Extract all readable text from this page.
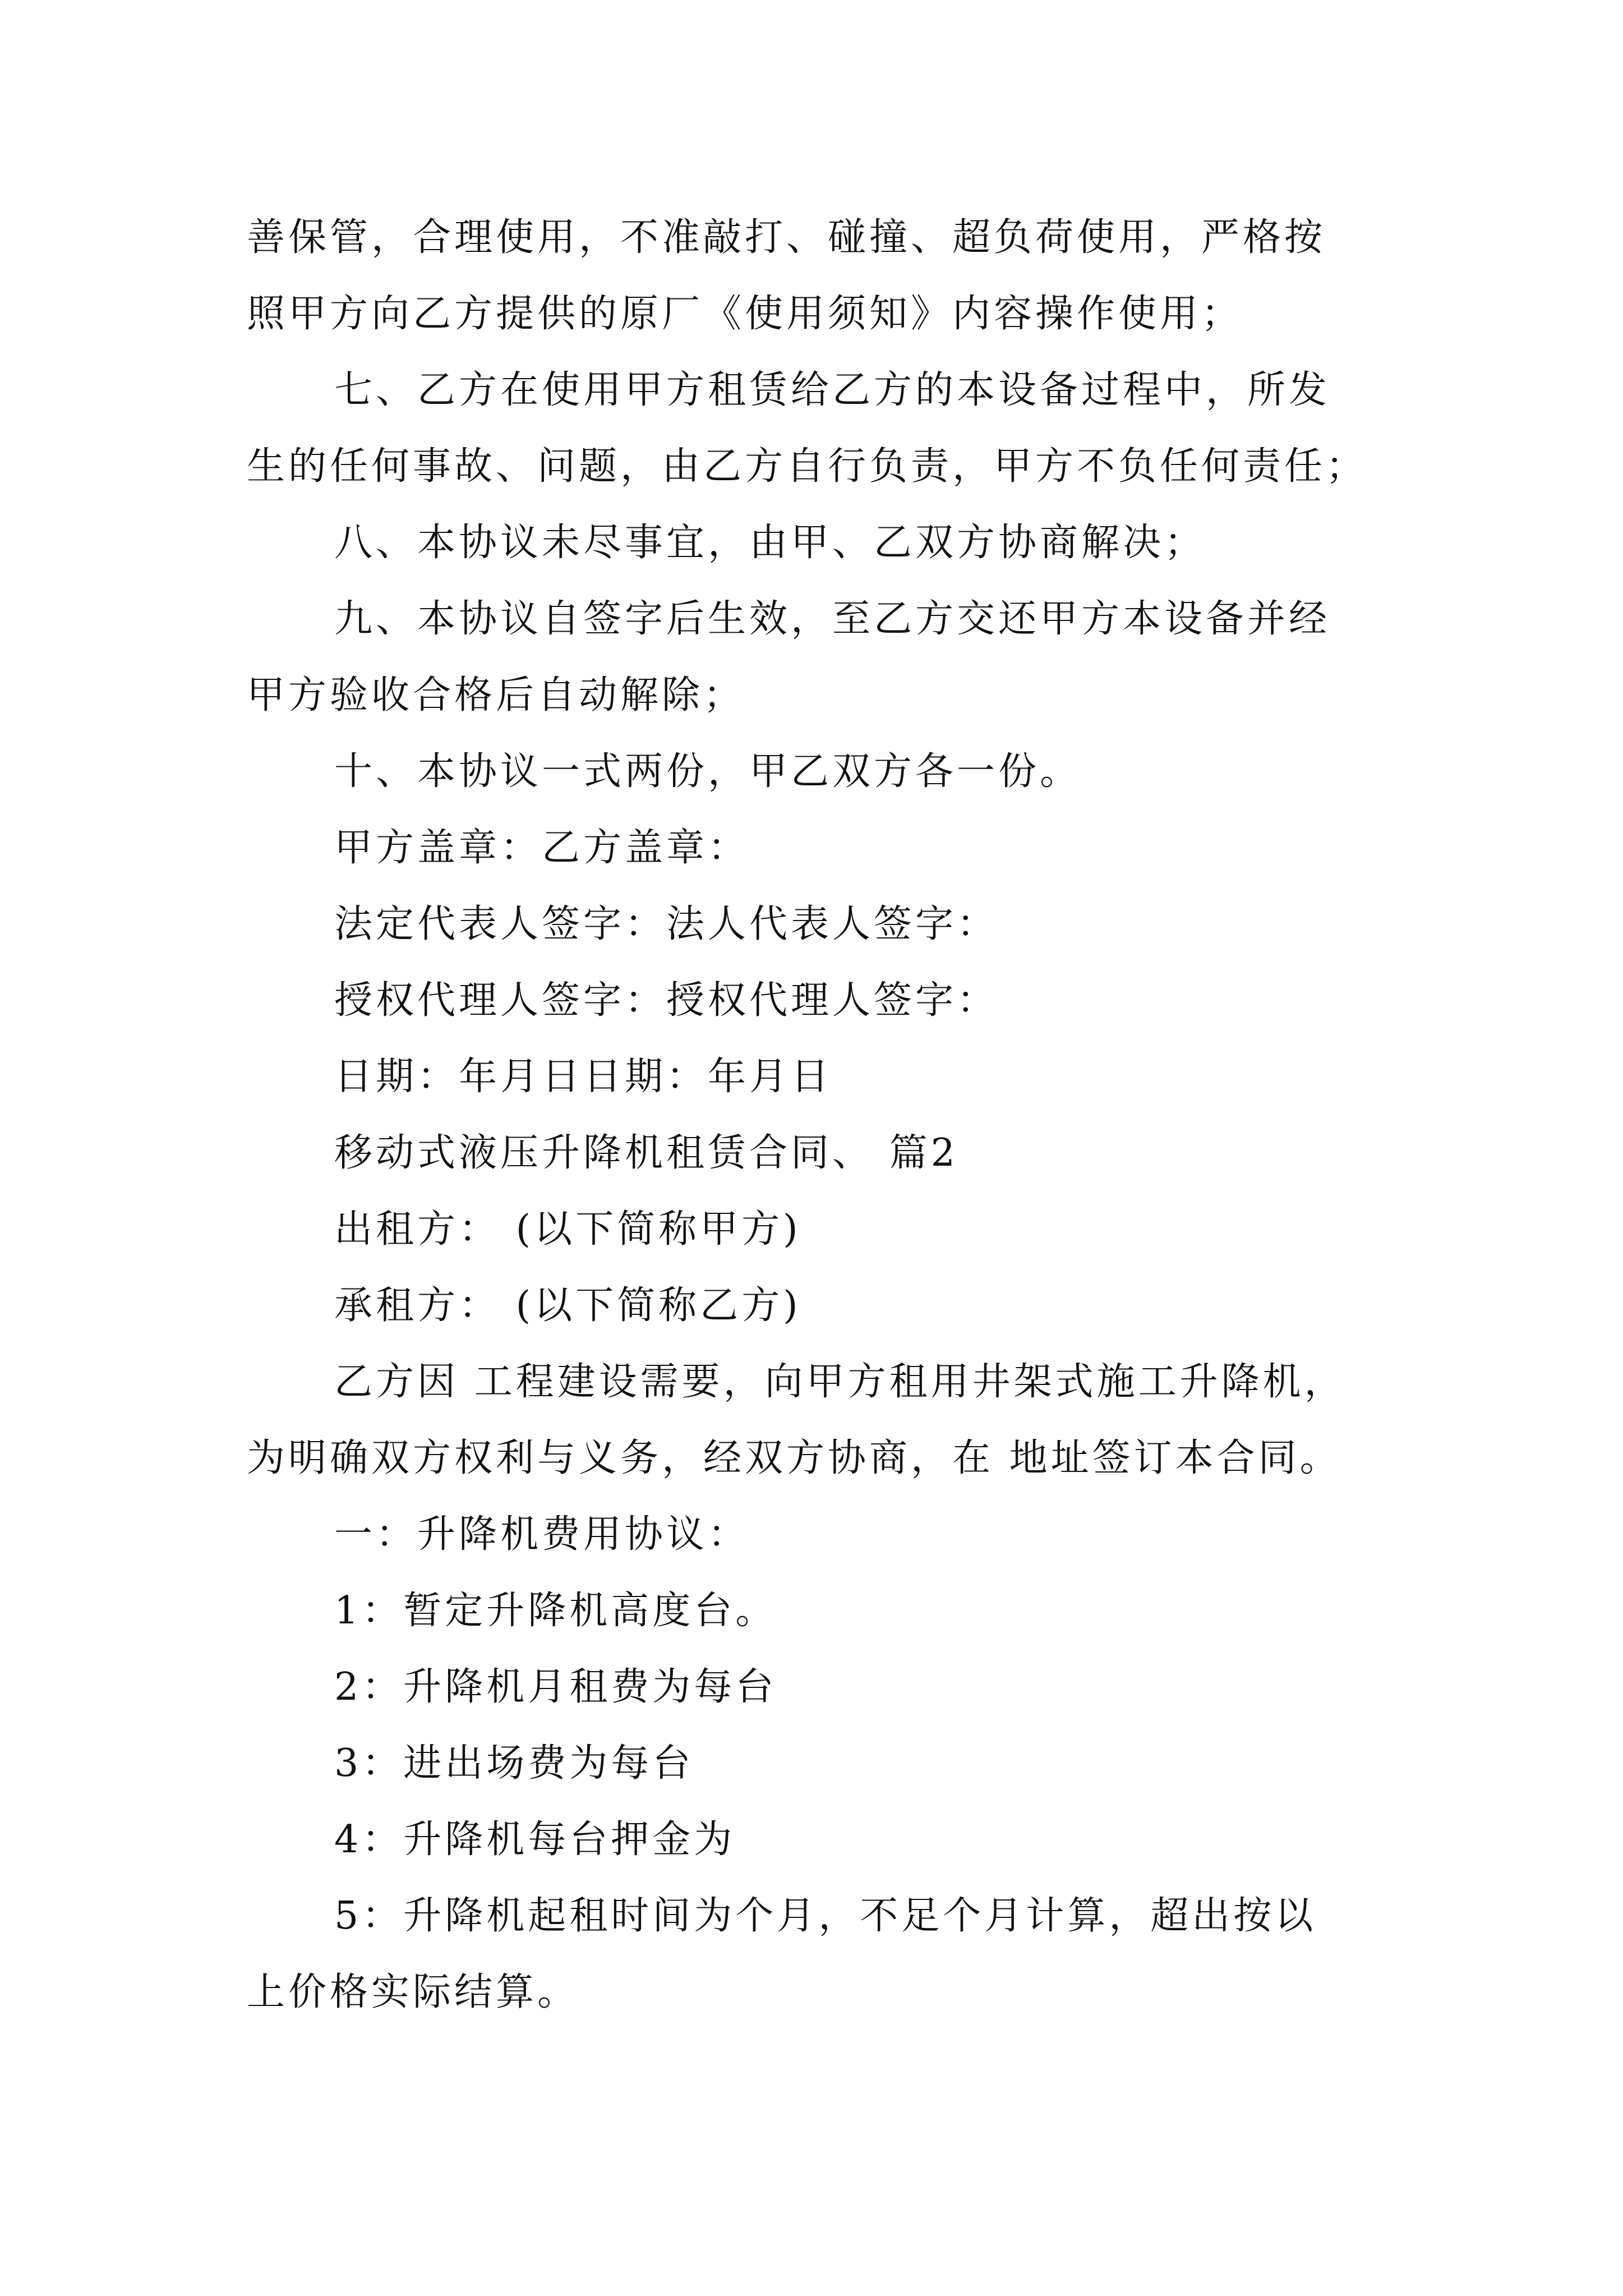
善保管，合理使用，不准敲打、碰撞、超负荷使用，严格按
照甲方向乙方提供的原厂《使用须知》内容操作使用；
七、乙方在使用甲方租赁给乙方的本设备过程中，所发
生的任何事故、问题，由乙方自行负责，甲方不负任何责任；
八、本协议未尽事宜，由甲、乙双方协商解决；
九、本协议自签字后生效，至乙方交还甲方本设备并经
甲方验收合格后自动解除；
十、本协议一式两份，甲乙双方各一份。
甲方盖章：乙方盖章：
法定代表人签字：法人代表人签字：
授权代理人签字：授权代理人签字：
日期：年月日日期：年月日
移动式液压升降机租赁合同、 篇2
出租方： (以下简称甲方)
承租方： (以下简称乙方)
乙方因 工程建设需要，向甲方租用井架式施工升降机，
为明确双方权利与义务，经双方协商，在 地址签订本合同。
一：升降机费用协议：
1：暂定升降机高度台。
2：升降机月租费为每台
3：进出场费为每台
4：升降机每台押金为
5：升降机起租时间为个月，不足个月计算，超出按以
上价格实际结算。
